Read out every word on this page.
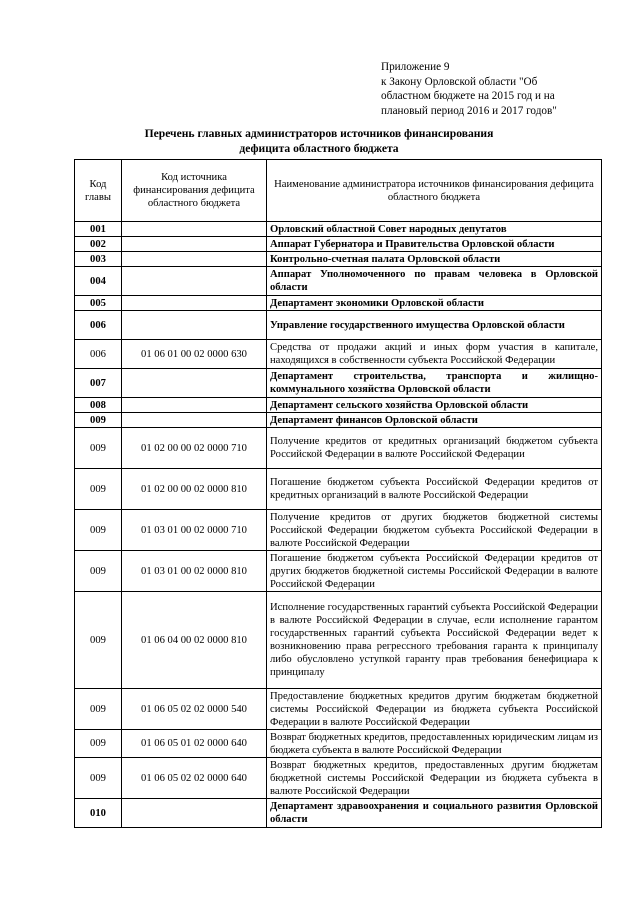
Приложение 9
к Закону Орловской области "Об
областном бюджете на 2015 год и на
плановый период 2016 и 2017 годов"
Перечень главных администраторов источников финансирования
дефицита областного бюджета
Код главы	Код источника финансирования дефицита областного бюджета	Наименование администратора источников финансирования дефицита областного бюджета
001		Орловский областной Совет народных депутатов
002		Аппарат Губернатора и Правительства Орловской области
003		Контрольно-счетная палата Орловской области
004		Аппарат Уполномоченного по правам человека в Орловской области
005		Департамент экономики Орловской области
006		Управление государственного имущества Орловской области
006	01 06 01 00 02 0000 630	Средства от продажи акций и иных форм участия в капитале, находящихся в собственности субъекта Российской Федерации
007		Департамент строительства, транспорта и жилищно-коммунального хозяйства Орловской области
008		Департамент сельского хозяйства Орловской области
009		Департамент финансов Орловской области
009	01 02 00 00 02 0000 710	Получение кредитов от кредитных организаций бюджетом субъекта Российской Федерации в валюте Российской Федерации
009	01 02 00 00 02 0000 810	Погашение бюджетом субъекта Российской Федерации кредитов от кредитных организаций в валюте Российской Федерации
009	01 03 01 00 02 0000 710	Получение кредитов от других бюджетов бюджетной системы Российской Федерации бюджетом субъекта Российской Федерации в валюте Российской Федерации
009	01 03 01 00 02 0000 810	Погашение бюджетом субъекта Российской Федерации кредитов от других бюджетов бюджетной системы Российской Федерации в валюте Российской Федерации
009	01 06 04 00 02 0000 810	Исполнение государственных гарантий субъекта Российской Федерации в валюте Российской Федерации в случае, если исполнение гарантом государственных гарантий субъекта Российской Федерации ведет к возникновению права регрессного требования гаранта к принципалу либо обусловлено уступкой гаранту прав требования бенефициара к принципалу
009	01 06 05 02 02 0000 540	Предоставление бюджетных кредитов другим бюджетам бюджетной системы Российской Федерации из бюджета субъекта Российской Федерации в валюте Российской Федерации
009	01 06 05 01 02 0000 640	Возврат бюджетных кредитов, предоставленных юридическим лицам из бюджета субъекта в валюте Российской Федерации
009	01 06 05 02 02 0000 640	Возврат бюджетных кредитов, предоставленных другим бюджетам бюджетной системы Российской Федерации из бюджета субъекта в валюте Российской Федерации
010		Департамент здравоохранения и социального развития Орловской области
